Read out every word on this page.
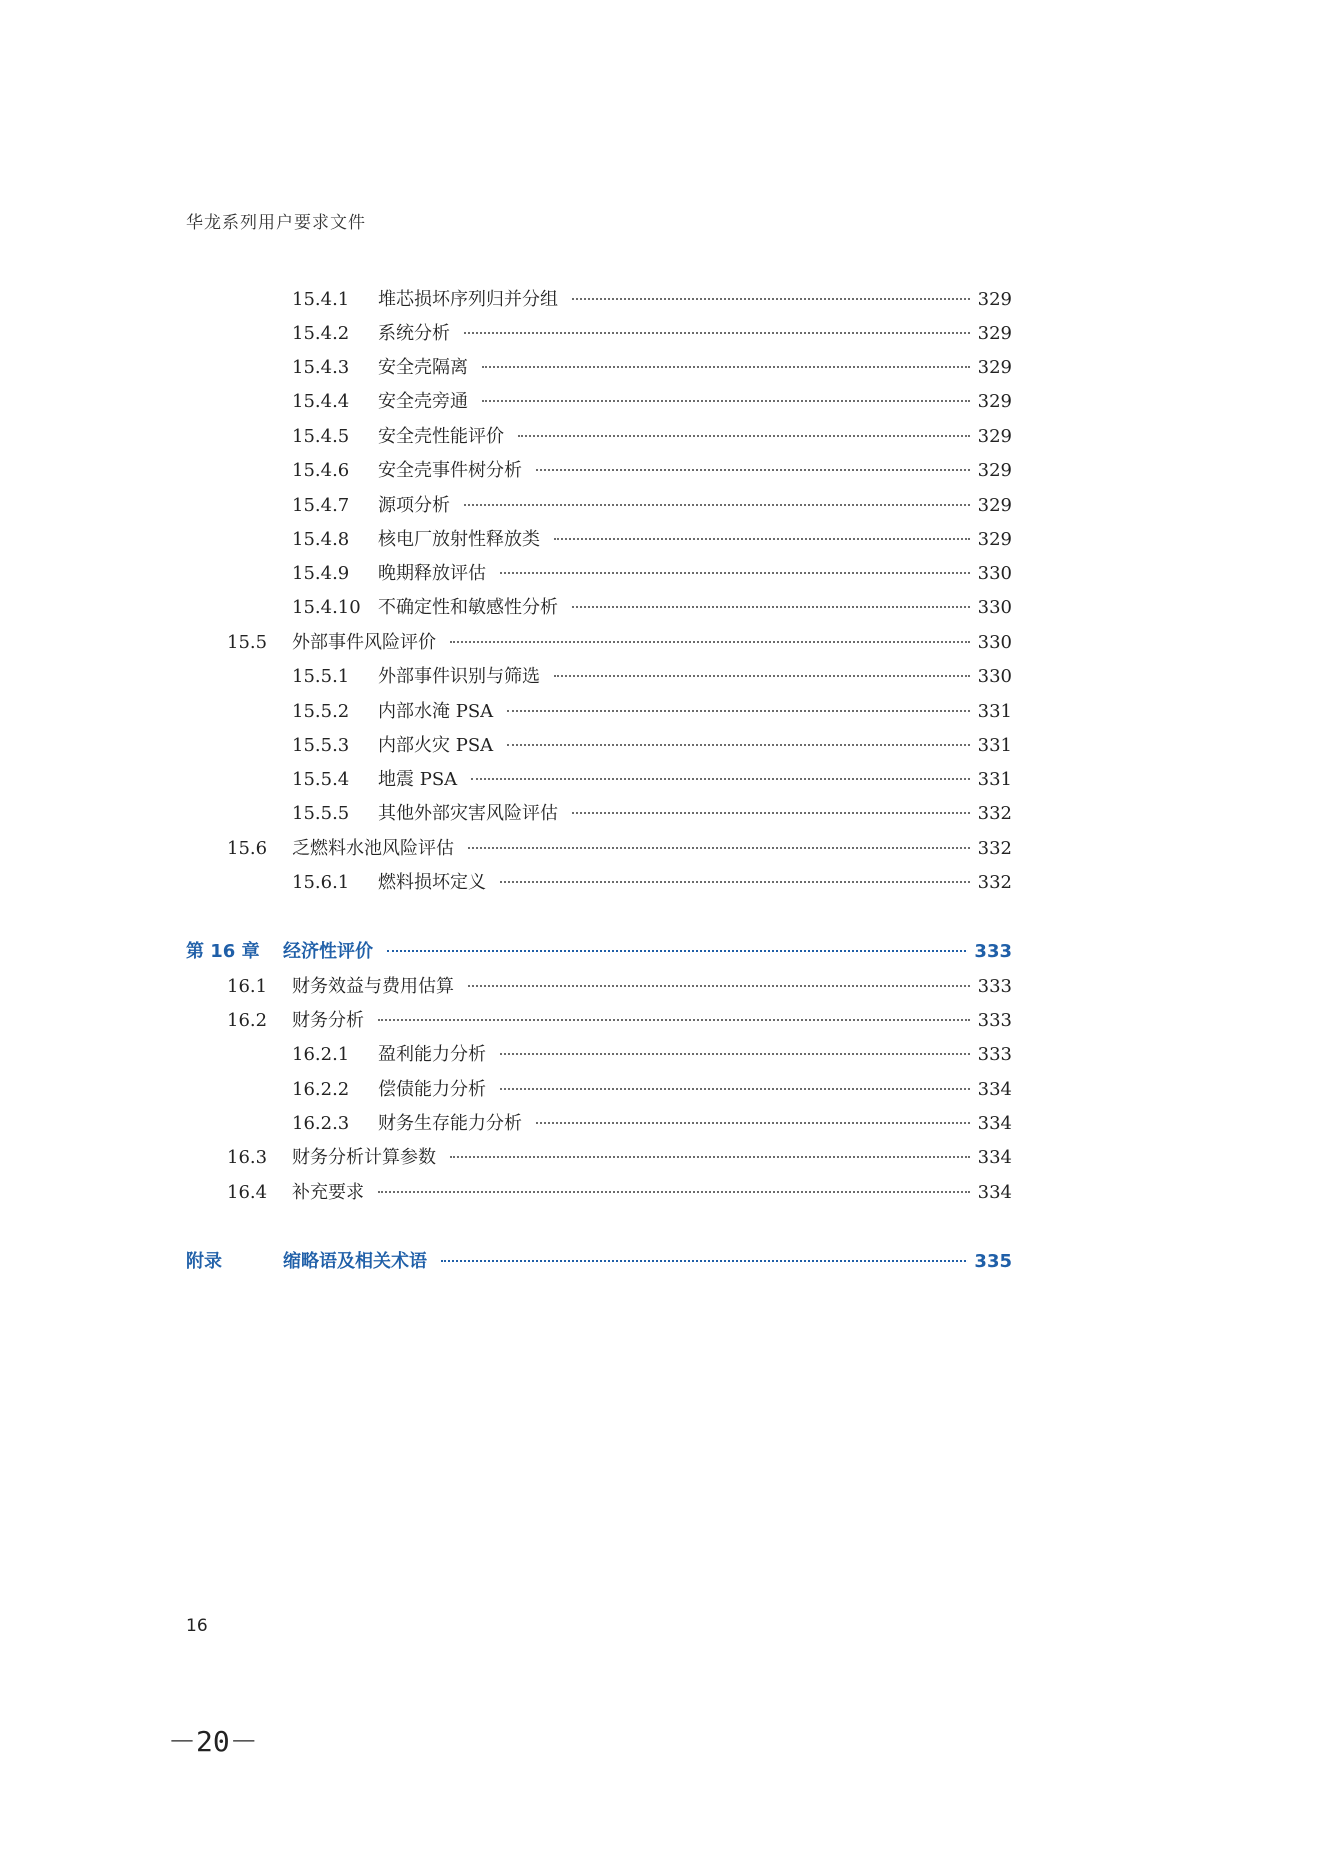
华龙系列用户要求文件
15.4.1	堆芯损坏序列归并分组	329
15.4.2	系统分析	329
15.4.3	安全壳隔离	329
15.4.4	安全壳旁通	329
15.4.5	安全壳性能评价	329
15.4.6	安全壳事件树分析	329
15.4.7	源项分析	329
15.4.8	核电厂放射性释放类	329
15.4.9	晚期释放评估	330
15.4.10 不确定性和敏感性分析	330
15.5	外部事件风险评价	330
15.5.1	外部事件识别与筛选	330
15.5.2	内部水淹 PSA	331
15.5.3	内部火灾 PSA	331
15.5.4	地震 PSA	331
15.5.5	其他外部灾害风险评估	332
15.6	乏燃料水池风险评估	332
15.6.1	燃料损坏定义	332
第 16 章	经济性评价	333
16.1	财务效益与费用估算	333
16.2	财务分析	333
16.2.1	盈利能力分析	333
16.2.2	偿债能力分析	334
16.2.3	财务生存能力分析	334
16.3	财务分析计算参数	334
16.4	补充要求	334
附录	缩略语及相关术语	335
16
－20－
